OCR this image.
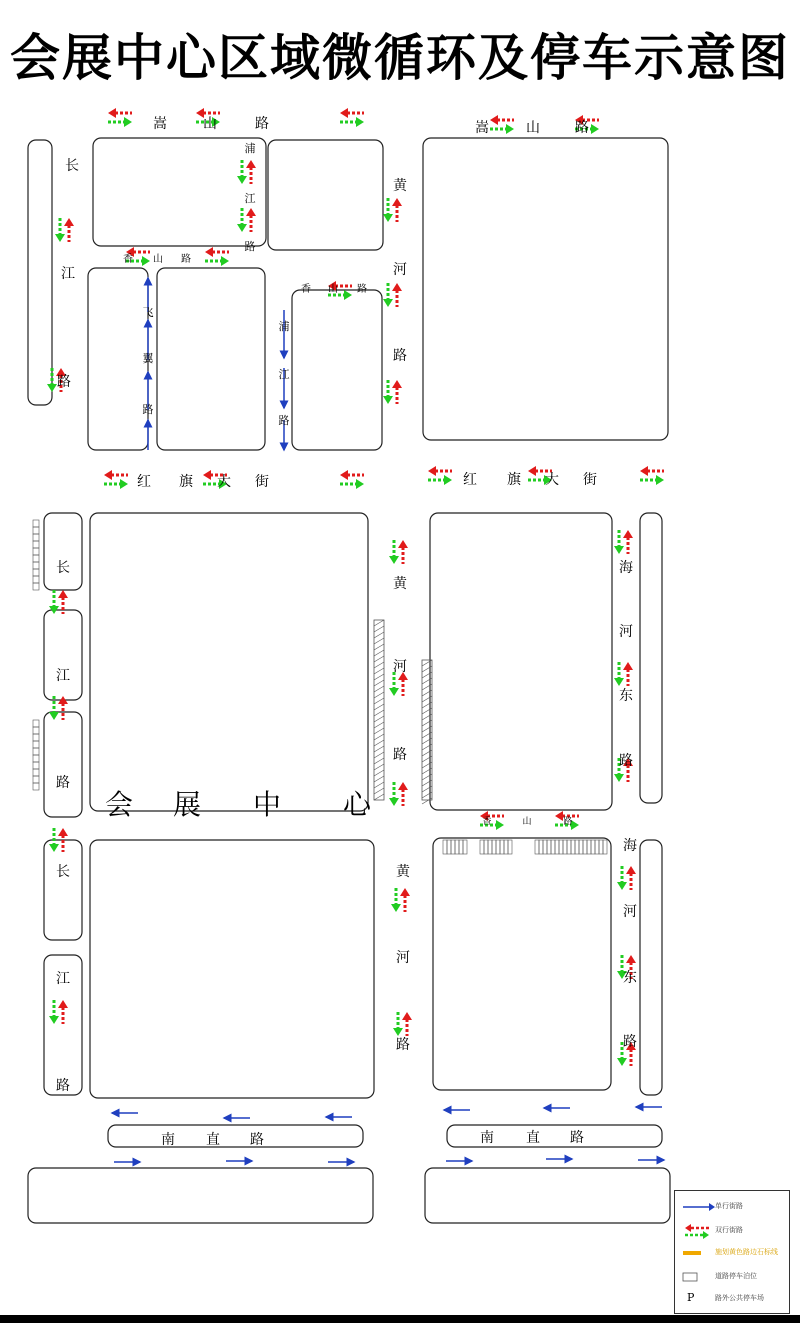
嵩	山	路	嵩	山	路
香 山 路
香 山 路
香	山	路
浦
江
路
浦
江
路
飞
翼
路
长
江
路
长
江
路
长
江
路
黄
河
路
黄
河
路
黄
河
路
红 旗 大 街	红 旗 大 街
海
河
东
路
海
河
东
路
南 直 路	南 直 路
会 展 中 心
会展中心区域微循环及停车示意图
单行街路
双行街路
施划黄色路边石标线
道路停车泊位
P	路外公共停车场
